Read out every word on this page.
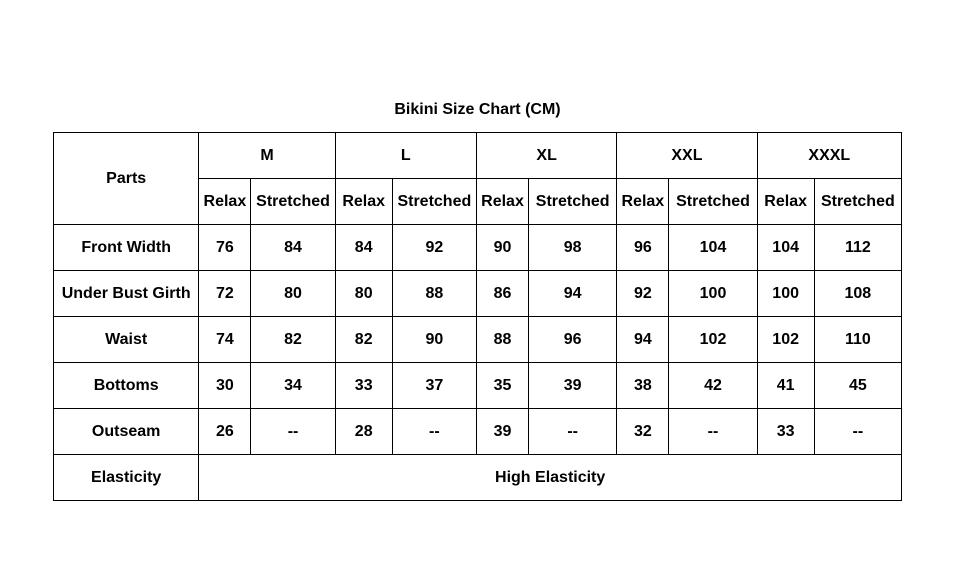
Bikini Size Chart (CM)
Parts	M		L		XL		XXL		XXXL	
	Relax	Stretched	Relax	Stretched	Relax	Stretched	Relax	Stretched	Relax	Stretched
Front Width	76	84	84	92	90	98	96	104	104	112
Under Bust Girth	72	80	80	88	86	94	92	100	100	108
Waist	74	82	82	90	88	96	94	102	102	110
Bottoms	30	34	33	37	35	39	38	42	41	45
Outseam	26	--	28	--	39	--	32	--	33	--
Elasticity	High Elasticity									
